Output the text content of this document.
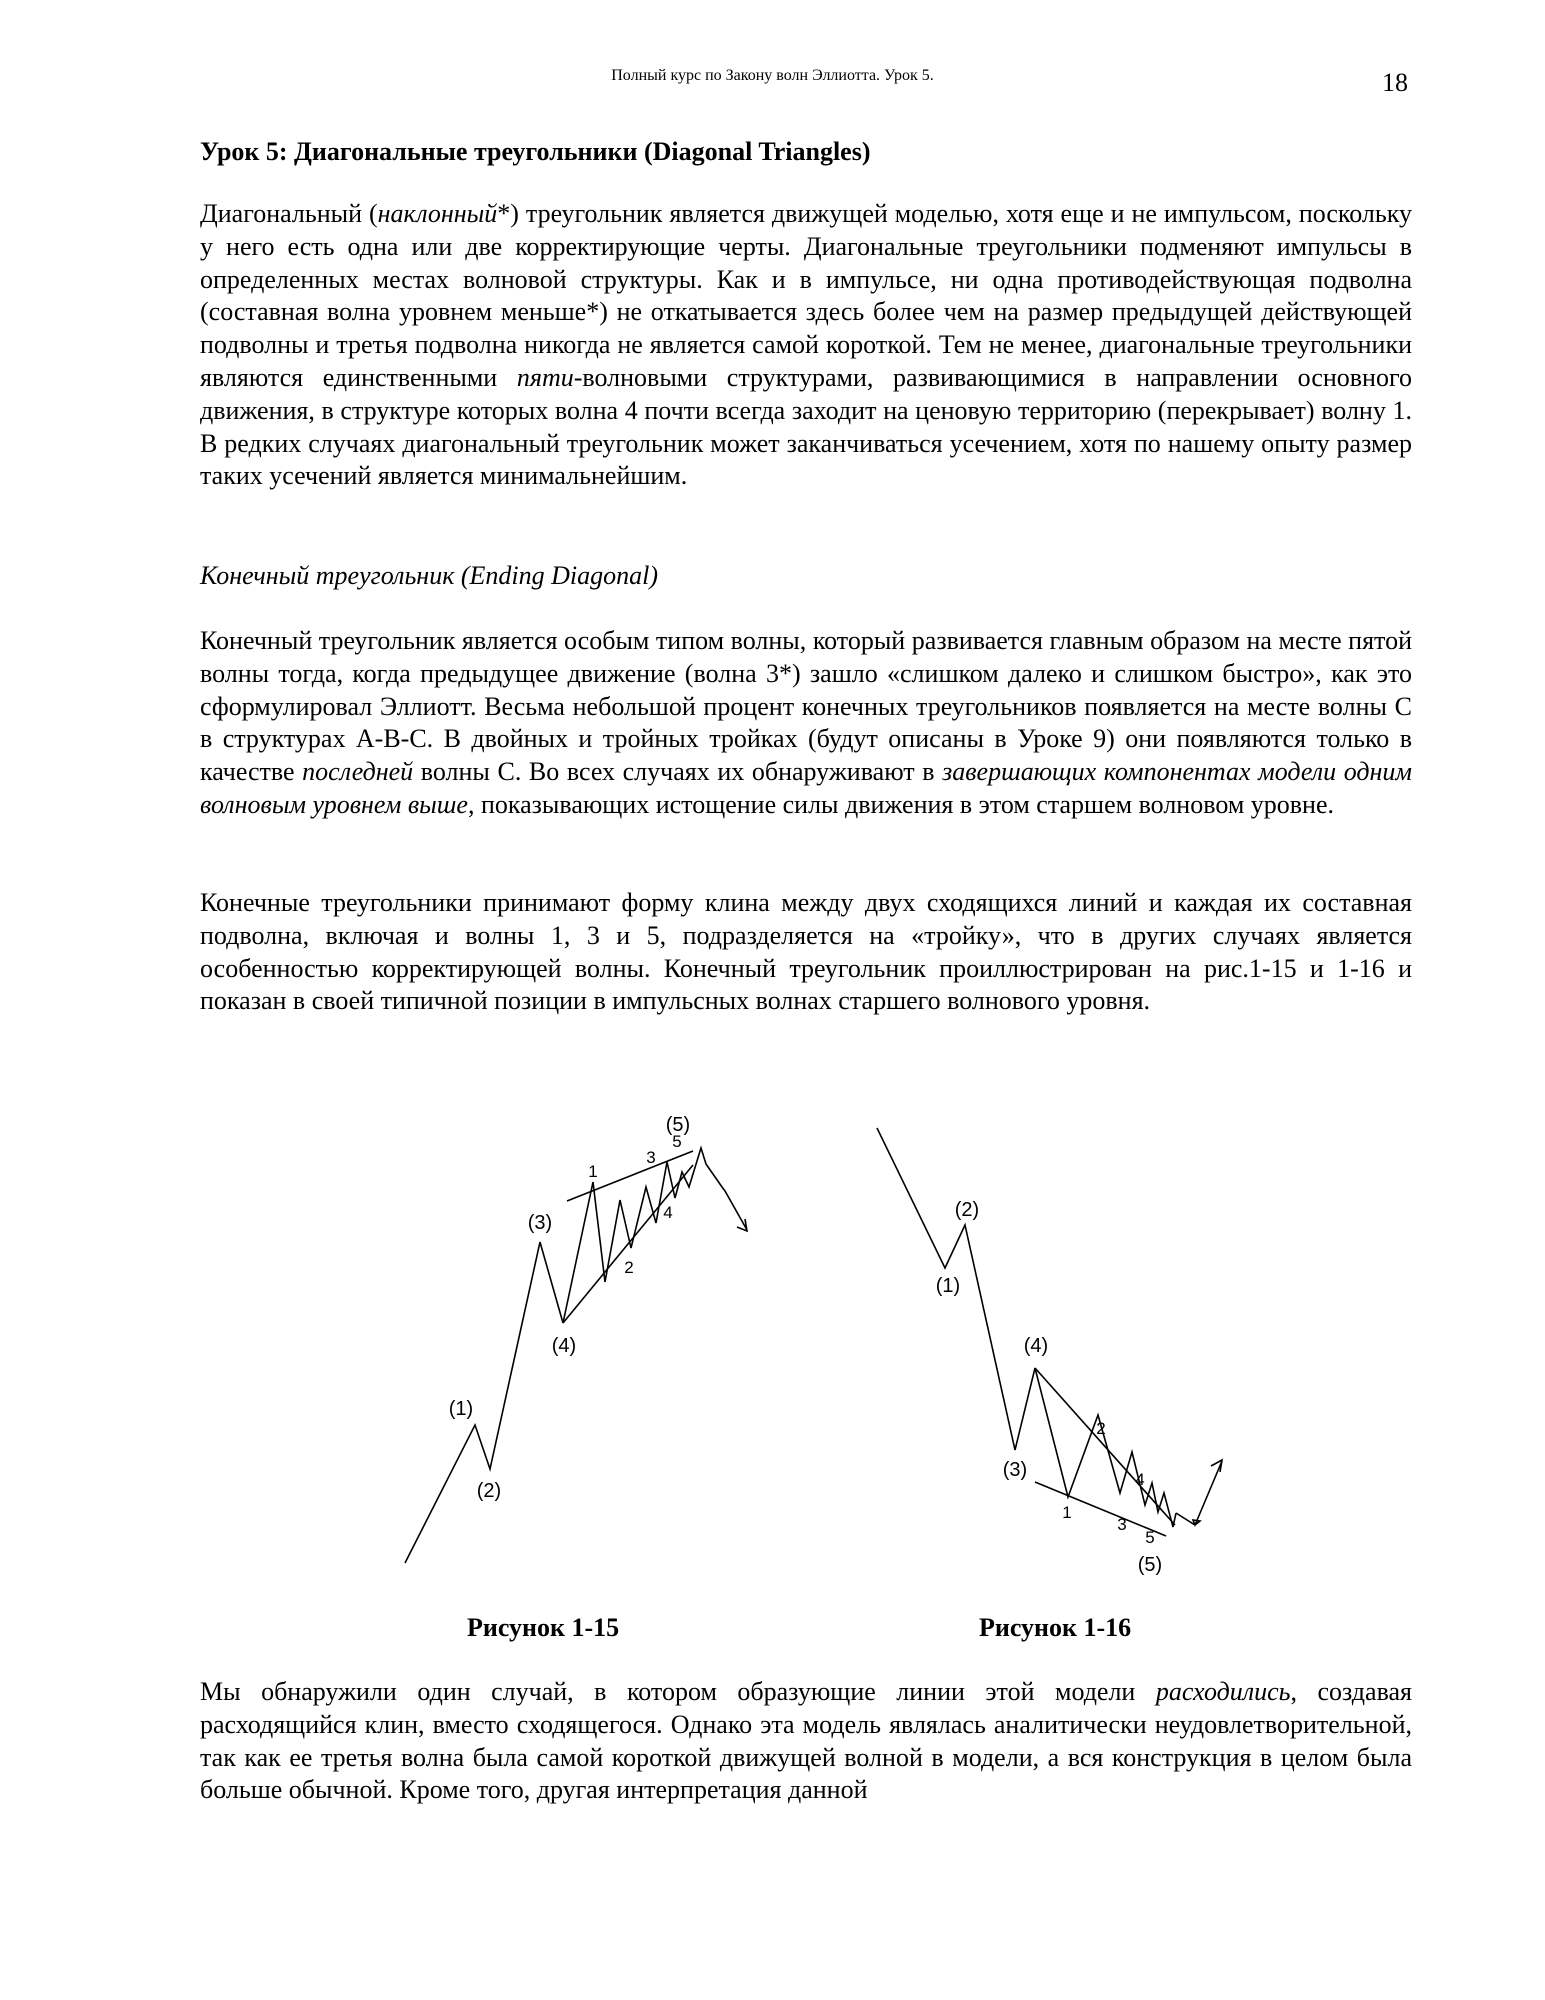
Полный курс по Закону волн Эллиотта. Урок 5.	18
Урок 5: Диагональные треугольники (Diagonal Triangles)

Диагональный (наклонный*) треугольник является движущей моделью, хотя еще и не импульсом, поскольку у него есть одна или две корректирующие черты. Диагональные треугольники подменяют импульсы в определенных местах волновой структуры. Как и в импульсе, ни одна противодействующая подволна (составная волна уровнем меньше*) не откатывается здесь более чем на размер предыдущей действующей подволны и третья подволна никогда не является самой короткой. Тем не менее, диагональные треугольники являются единственными пяти-волновыми структурами, развивающимися в направлении основного движения, в структуре которых волна 4 почти всегда заходит на ценовую территорию (перекрывает) волну 1. В редких случаях диагональный треугольник может заканчиваться усечением, хотя по нашему опыту размер таких усечений является минимальнейшим.

Конечный треугольник (Ending Diagonal)

Конечный треугольник является особым типом волны, который развивается главным образом на месте пятой волны тогда, когда предыдущее движение (волна 3*) зашло «слишком далеко и слишком быстро», как это сформулировал Эллиотт. Весьма небольшой процент конечных треугольников появляется на месте волны С в структурах А-В-С. В двойных и тройных тройках (будут описаны в Уроке 9) они появляются только в качестве последней волны С. Во всех случаях их обнаруживают в завершающих компонентах модели одним волновым уровнем выше, показывающих истощение силы движения в этом старшем волновом уровне.

Конечные треугольники принимают форму клина между двух сходящихся линий и каждая их составная подволна, включая и волны 1, 3 и 5, подразделяется на «тройку», что в других случаях является особенностью корректирующей волны. Конечный треугольник проиллюстрирован на рис.1-15 и 1-16 и показан в своей типичной позиции в импульсных волнах старшего волнового уровня.

(1)
(2)
(3)
(4)
(5)
1
2
3
4
5
Рисунок 1-15
(1)
(2)
(3)
(4)
(5)
1
2
3
4
5
Рисунок 1-16

Мы обнаружили один случай, в котором образующие линии этой модели расходились, создавая расходящийся клин, вместо сходящегося. Однако эта модель являлась аналитически неудовлетворительной, так как ее третья волна была самой короткой движущей волной в модели, а вся конструкция в целом была больше обычной. Кроме того, другая интерпретация данной
